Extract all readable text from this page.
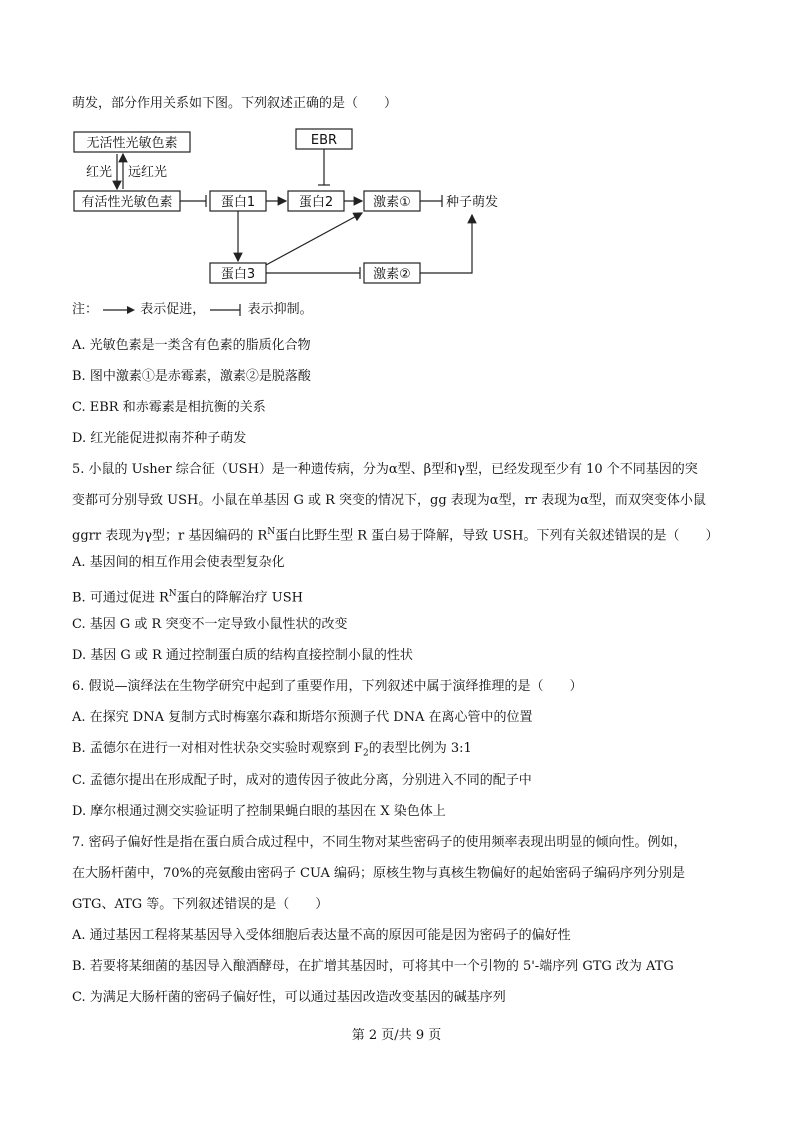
萌发，部分作用关系如下图。下列叙述正确的是（　　）
无活性光敏色素
有活性光敏色素
EBR
蛋白1	蛋白2	激素①	种子萌发
蛋白3	激素②
红光 远红光
注：	表示促进，	表示抑制。
A. 光敏色素是一类含有色素的脂质化合物
B. 图中激素①是赤霉素，激素②是脱落酸
C. EBR 和赤霉素是相抗衡的关系
D. 红光能促进拟南芥种子萌发
5. 小鼠的 Usher 综合征（USH）是一种遗传病，分为α型、β型和γ型，已经发现至少有 10 个不同基因的突
变都可分别导致 USH。小鼠在单基因 G 或 R 突变的情况下，gg 表现为α型，rr 表现为α型，而双突变体小鼠
ggrr 表现为γ型；r 基因编码的 $R^N$蛋白比野生型 R 蛋白易于降解，导致 USH。下列有关叙述错误的是（　　）
A. 基因间的相互作用会使表型复杂化
B. 可通过促进 $R^N$蛋白的降解治疗 USH
C. 基因 G 或 R 突变不一定导致小鼠性状的改变
D. 基因 G 或 R 通过控制蛋白质的结构直接控制小鼠的性状
6. 假说—演绎法在生物学研究中起到了重要作用，下列叙述中属于演绎推理的是（　　）
A. 在探究 DNA 复制方式时梅塞尔森和斯塔尔预测子代 DNA 在离心管中的位置
B. 孟德尔在进行一对相对性状杂交实验时观察到 $F_2$的表型比例为 3:1
C. 孟德尔提出在形成配子时，成对的遗传因子彼此分离，分别进入不同的配子中
D. 摩尔根通过测交实验证明了控制果蝇白眼的基因在 X 染色体上
7. 密码子偏好性是指在蛋白质合成过程中，不同生物对某些密码子的使用频率表现出明显的倾向性。例如，
在大肠杆菌中，70%的亮氨酸由密码子 CUA 编码；原核生物与真核生物偏好的起始密码子编码序列分别是
GTG、ATG 等。下列叙述错误的是（　　）
A. 通过基因工程将某基因导入受体细胞后表达量不高的原因可能是因为密码子的偏好性
B. 若要将某细菌的基因导入酿酒酵母，在扩增其基因时，可将其中一个引物的 5'-端序列 GTG 改为 ATG
C. 为满足大肠杆菌的密码子偏好性，可以通过基因改造改变基因的碱基序列
第 2 页/共 9 页
